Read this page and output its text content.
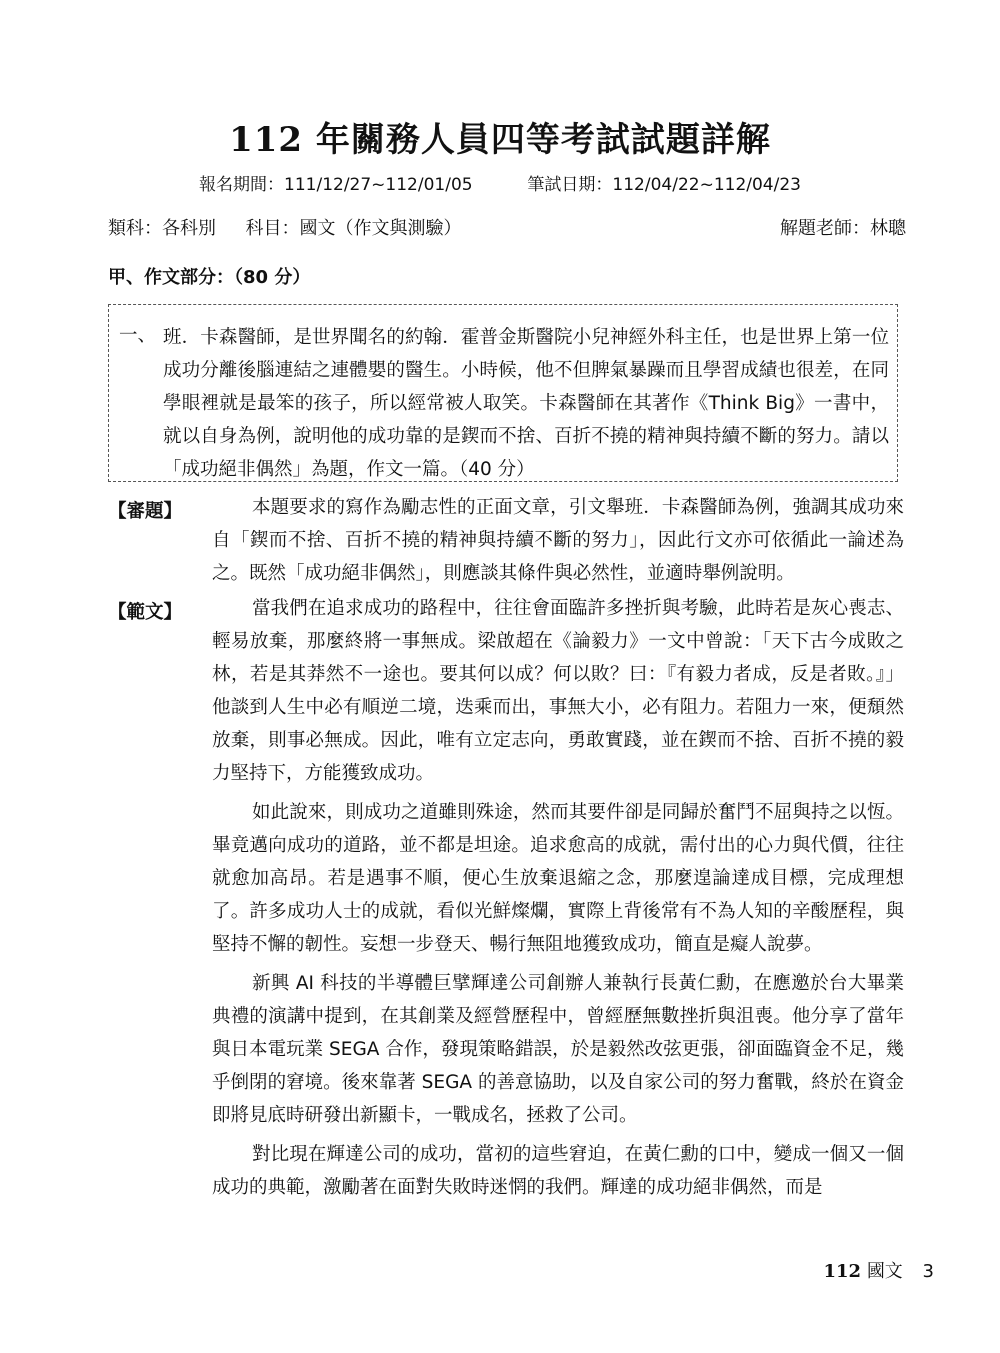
112 年關務人員四等考試試題詳解
報名期間：111/12/27~112/01/05	筆試日期：112/04/22~112/04/23
類科：各科別 科目：國文（作文與測驗）	解題老師：林聰
甲、作文部分：（80 分）
一、 班．卡森醫師，是世界聞名的約翰．霍普金斯醫院小兒神經外科主任，也是世界上第一位成功分離後腦連結之連體嬰的醫生。小時候，他不但脾氣暴躁而且學習成績也很差，在同學眼裡就是最笨的孩子，所以經常被人取笑。卡森醫師在其著作《Think Big》一書中，就以自身為例，說明他的成功靠的是鍥而不捨、百折不撓的精神與持續不斷的努力。請以「成功絕非偶然」為題，作文一篇。（40 分）
【審題】	本題要求的寫作為勵志性的正面文章，引文舉班．卡森醫師為例，強調其成功來自「鍥而不捨、百折不撓的精神與持續不斷的努力」，因此行文亦可依循此一論述為之。既然「成功絕非偶然」，則應談其條件與必然性，並適時舉例說明。

【範文】	當我們在追求成功的路程中，往往會面臨許多挫折與考驗，此時若是灰心喪志、輕易放棄，那麼終將一事無成。梁啟超在《論毅力》一文中曾說：「天下古今成敗之林，若是其莽然不一途也。要其何以成？何以敗？曰：『有毅力者成，反是者敗。』」他談到人生中必有順逆二境，迭乘而出，事無大小，必有阻力。若阻力一來，便頹然放棄，則事必無成。因此，唯有立定志向，勇敢實踐，並在鍥而不捨、百折不撓的毅力堅持下，方能獲致成功。

如此說來，則成功之道雖則殊途，然而其要件卻是同歸於奮鬥不屈與持之以恆。畢竟邁向成功的道路，並不都是坦途。追求愈高的成就，需付出的心力與代價，往往就愈加高昂。若是遇事不順，便心生放棄退縮之念，那麼遑論達成目標，完成理想了。許多成功人士的成就，看似光鮮燦爛，實際上背後常有不為人知的辛酸歷程，與堅持不懈的韌性。妄想一步登天、暢行無阻地獲致成功，簡直是癡人說夢。

新興 AI 科技的半導體巨擘輝達公司創辦人兼執行長黃仁勳，在應邀於台大畢業典禮的演講中提到，在其創業及經營歷程中，曾經歷無數挫折與沮喪。他分享了當年與日本電玩業 SEGA 合作，發現策略錯誤，於是毅然改弦更張，卻面臨資金不足，幾乎倒閉的窘境。後來靠著 SEGA 的善意協助，以及自家公司的努力奮戰，終於在資金即將見底時研發出新顯卡，一戰成名，拯救了公司。

對比現在輝達公司的成功，當初的這些窘迫，在黃仁勳的口中，變成一個又一個成功的典範，激勵著在面對失敗時迷惘的我們。輝達的成功絕非偶然，而是

112 國文 3
